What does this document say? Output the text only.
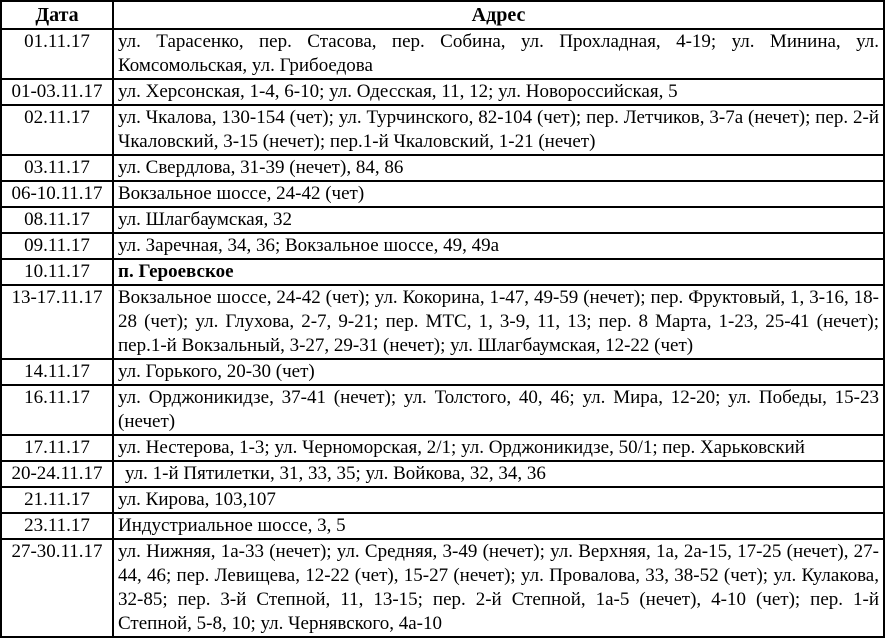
Дата	Адрес
01.11.17	ул. Тарасенко, пер. Стасова, пер. Собина, ул. Прохладная, 4-19; ул. Минина, ул. Комсомольская, ул. Грибоедова
01-03.11.17	ул. Херсонская, 1-4, 6-10; ул. Одесская, 11, 12; ул. Новороссийская, 5
02.11.17	ул. Чкалова, 130-154 (чет); ул. Турчинского, 82-104 (чет); пер. Летчиков, 3-7а (нечет); пер. 2-й Чкаловский, 3-15 (нечет); пер.1-й Чкаловский, 1-21 (нечет)
03.11.17	ул. Свердлова, 31-39 (нечет), 84, 86
06-10.11.17	Вокзальное шоссе, 24-42 (чет)
08.11.17	ул. Шлагбаумская, 32
09.11.17	ул. Заречная, 34, 36; Вокзальное шоссе, 49, 49а
10.11.17	п. Героевское
13-17.11.17	Вокзальное шоссе, 24-42 (чет); ул. Кокорина, 1-47, 49-59 (нечет); пер. Фруктовый, 1, 3-16, 18-28 (чет); ул. Глухова, 2-7, 9-21; пер. МТС, 1, 3-9, 11, 13; пер. 8 Марта, 1-23, 25-41 (нечет); пер.1-й Вокзальный, 3-27, 29-31 (нечет); ул. Шлагбаумская, 12-22 (чет)
14.11.17	ул. Горького, 20-30 (чет)
16.11.17	ул. Орджоникидзе, 37-41 (нечет); ул. Толстого, 40, 46; ул. Мира, 12-20; ул. Победы, 15-23 (нечет)
17.11.17	ул. Нестерова, 1-3; ул. Черноморская, 2/1; ул. Орджоникидзе, 50/1; пер. Харьковский
20-24.11.17	ул. 1-й Пятилетки, 31, 33, 35; ул. Войкова, 32, 34, 36
21.11.17	ул. Кирова, 103,107
23.11.17	Индустриальное шоссе, 3, 5
27-30.11.17	ул. Нижняя, 1а-33 (нечет); ул. Средняя, 3-49 (нечет); ул. Верхняя, 1а, 2а-15, 17-25 (нечет), 27-44, 46; пер. Левищева, 12-22 (чет), 15-27 (нечет); ул. Провалова, 33, 38-52 (чет); ул. Кулакова, 32-85; пер. 3-й Степной, 11, 13-15; пер. 2-й Степной, 1а-5 (нечет), 4-10 (чет); пер. 1-й Степной, 5-8, 10; ул. Чернявского, 4а-10
